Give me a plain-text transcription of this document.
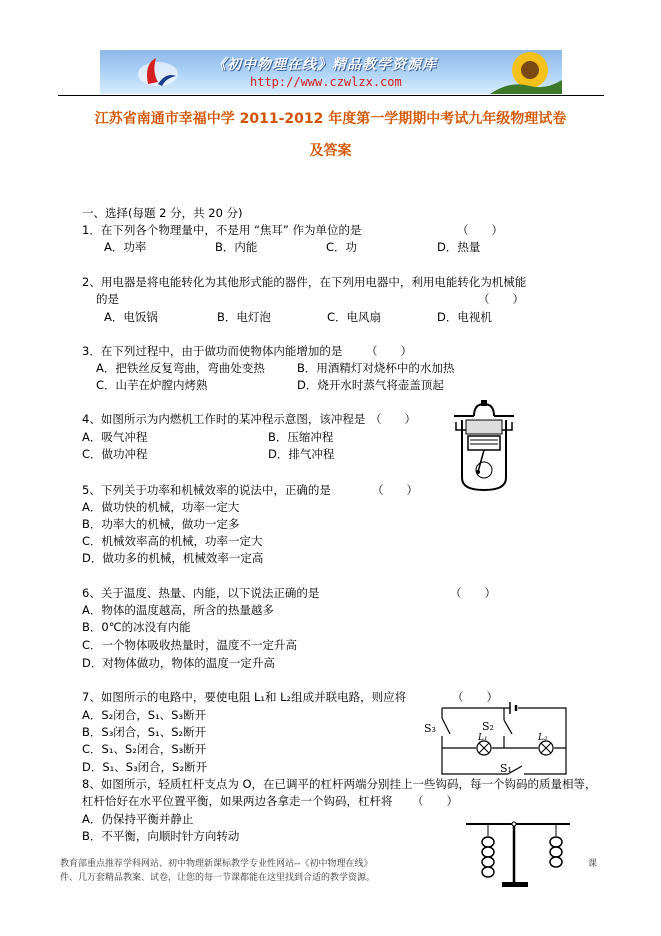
《初中物理在线》精品教学资源库
http://www.czwlzx.com
江苏省南通市幸福中学 2011-2012 年度第一学期期中考试九年级物理试卷
及答案
一、选择(每题 2 分，共 20 分)
1．在下列各个物理量中，不是用 “焦耳” 作为单位的是	（　　）
A．功率	B．内能	C．功	D．热量
2、用电器是将电能转化为其他形式能的器件，在下列用电器中，利用电能转化为机械能
的是	（　　）
A．电饭锅	B．电灯泡	C．电风扇	D．电视机
3．在下列过程中，由于做功而使物体内能增加的是 （　　）
A．把铁丝反复弯曲，弯曲处变热	B．用酒精灯对烧杯中的水加热
C．山芋在炉膛内烤熟	D．烧开水时蒸气将壶盖顶起
4、如图所示为内燃机工作时的某冲程示意图，该冲程是 （　　）
A．吸气冲程	B．压缩冲程
C．做功冲程	D．排气冲程
5、下列关于功率和机械效率的说法中，正确的是	（　　）
A．做功快的机械，功率一定大
B．功率大的机械，做功一定多
C．机械效率高的机械，功率一定大
D．做功多的机械，机械效率一定高
6、关于温度、热量、内能，以下说法正确的是	（　　）
A．物体的温度越高，所含的热量越多
B．0℃的冰没有内能
C．一个物体吸收热量时，温度不一定升高
D．对物体做功，物体的温度一定升高
7、如图所示的电路中，要使电阻 L₁和 L₂组成并联电路，则应将	（　　）
A．S₂闭合，S₁、S₃断开
B．S₃闭合，S₁、S₂断开
C．S₁、S₂闭合，S₃断开
D．S₁、S₃闭合，S₂断开
S₃	S₂
L₁	L₂
S₁
8、如图所示，轻质杠杆支点为 O，在已调平的杠杆两端分别挂上一些钩码，每一个钩码的质量相等，
杠杆恰好在水平位置平衡，如果两边各拿走一个钩码，杠杆将 （　　）
A．仍保持平衡并静止
B．不平衡，向顺时针方向转动
教育部重点推荐学科网站、初中物理新课标教学专业性网站--《初中物理在线》
件、几万套精品教案、试卷，让您的每一节课都能在这里找到合适的教学资源。
课
